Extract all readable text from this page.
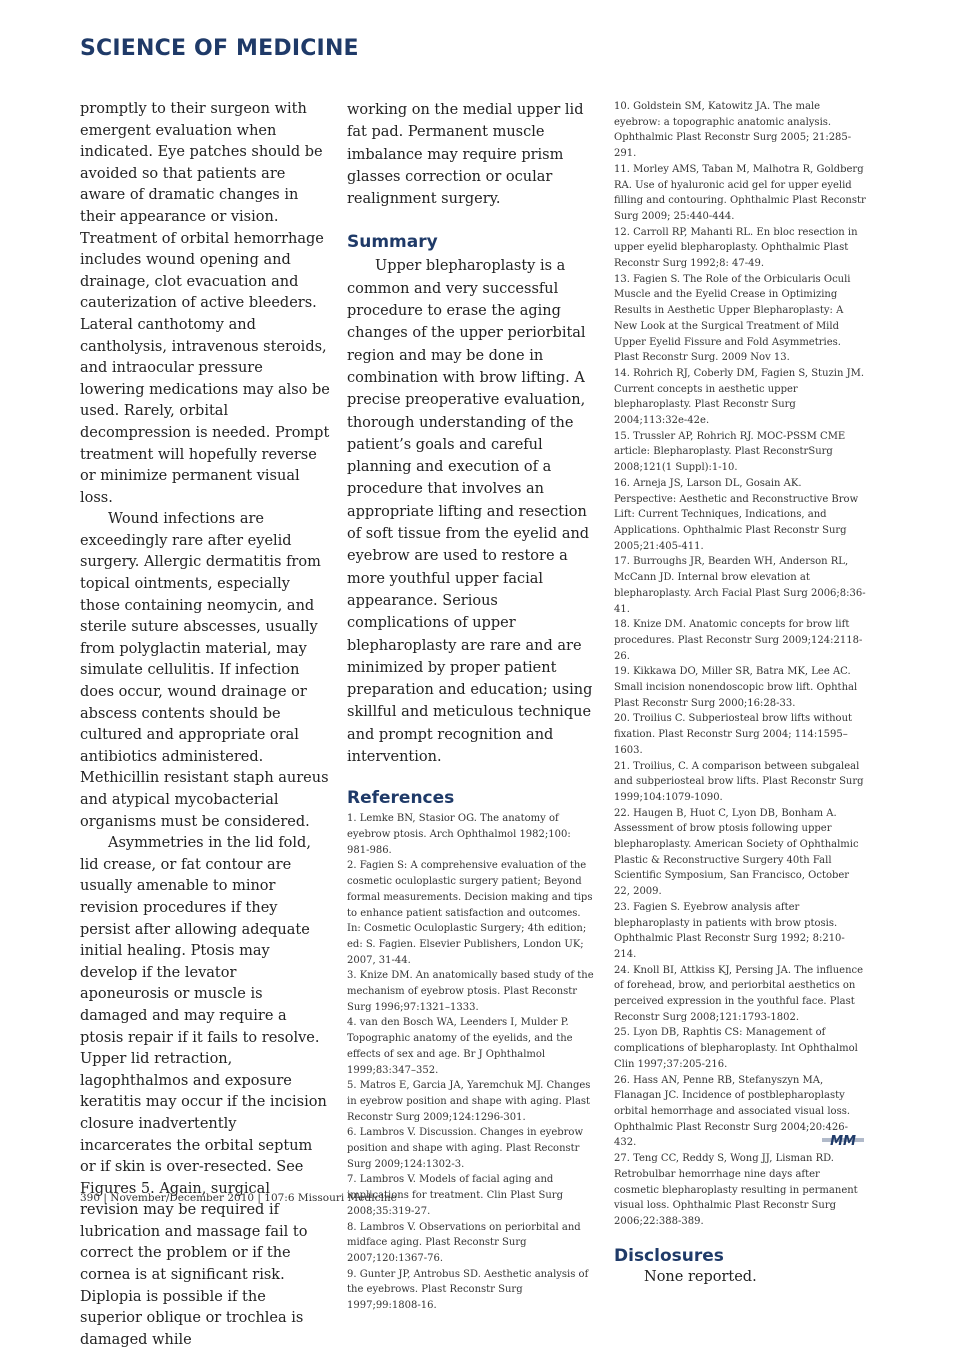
SCIENCE OF MEDICINE

promptly to their surgeon with emergent evaluation when indicated. Eye patches should be avoided so that patients are aware of dramatic changes in their appearance or vision. Treatment of orbital hemorrhage includes wound opening and drainage, clot evacuation and cauterization of active bleeders. Lateral canthotomy and cantholysis, intravenous steroids, and intraocular pressure lowering medications may also be used. Rarely, orbital decompression is needed. Prompt treatment will hopefully reverse or minimize permanent visual loss.

Wound infections are exceedingly rare after eyelid surgery. Allergic dermatitis from topical ointments, especially those containing neomycin, and sterile suture abscesses, usually from polyglactin material, may simulate cellulitis. If infection does occur, wound drainage or abscess contents should be cultured and appropriate oral antibiotics administered. Methicillin resistant staph aureus and atypical mycobacterial organisms must be considered.

Asymmetries in the lid fold, lid crease, or fat contour are usually amenable to minor revision procedures if they persist after allowing adequate initial healing. Ptosis may develop if the levator aponeurosis or muscle is damaged and may require a ptosis repair if it fails to resolve. Upper lid retraction, lagophthalmos and exposure keratitis may occur if the incision closure inadvertently incarcerates the orbital septum or if skin is over-resected. See Figures 5. Again, surgical revision may be required if lubrication and massage fail to correct the problem or if the cornea is at significant risk. Diplopia is possible if the superior oblique or trochlea is damaged while

working on the medial upper lid fat pad. Permanent muscle imbalance may require prism glasses correction or ocular realignment surgery.

Summary

Upper blepharoplasty is a common and very successful procedure to erase the aging changes of the upper periorbital region and may be done in combination with brow lifting. A precise preoperative evaluation, thorough understanding of the patient’s goals and careful planning and execution of a procedure that involves an appropriate lifting and resection of soft tissue from the eyelid and eyebrow are used to restore a more youthful upper facial appearance. Serious complications of upper blepharoplasty are rare and are minimized by proper patient preparation and education; using skillful and meticulous technique and prompt recognition and intervention.

References

1. Lemke BN, Stasior OG. The anatomy of eyebrow ptosis. Arch Ophthalmol 1982;100: 981-986.

2. Fagien S: A comprehensive evaluation of the cosmetic oculoplastic surgery patient; Beyond formal measurements. Decision making and tips to enhance patient satisfaction and outcomes. In: Cosmetic Oculoplastic Surgery; 4th edition; ed: S. Fagien. Elsevier Publishers, London UK; 2007, 31-44.

3. Knize DM. An anatomically based study of the mechanism of eyebrow ptosis. Plast Reconstr Surg 1996;97:1321–1333.

4. van den Bosch WA, Leenders I, Mulder P. Topographic anatomy of the eyelids, and the effects of sex and age. Br J Ophthalmol 1999;83:347–352.

5. Matros E, Garcia JA, Yaremchuk MJ. Changes in eyebrow position and shape with aging. Plast Reconstr Surg 2009;124:1296-301.

6. Lambros V. Discussion. Changes in eyebrow position and shape with aging. Plast Reconstr Surg 2009;124:1302-3.

7. Lambros V. Models of facial aging and implications for treatment. Clin Plast Surg 2008;35:319-27.

8. Lambros V. Observations on periorbital and midface aging. Plast Reconstr Surg 2007;120:1367-76.

9. Gunter JP, Antrobus SD. Aesthetic analysis of the eyebrows. Plast Reconstr Surg 1997;99:1808-16.

10. Goldstein SM, Katowitz JA. The male eyebrow: a topographic anatomic analysis. Ophthalmic Plast Reconstr Surg 2005; 21:285-291.

11. Morley AMS, Taban M, Malhotra R, Goldberg RA. Use of hyaluronic acid gel for upper eyelid filling and contouring. Ophthalmic Plast Reconstr Surg 2009; 25:440-444.

12. Carroll RP, Mahanti RL. En bloc resection in upper eyelid blepharoplasty. Ophthalmic Plast Reconstr Surg 1992;8: 47-49.

13. Fagien S. The Role of the Orbicularis Oculi Muscle and the Eyelid Crease in Optimizing Results in Aesthetic Upper Blepharoplasty: A New Look at the Surgical Treatment of Mild Upper Eyelid Fissure and Fold Asymmetries. Plast Reconstr Surg. 2009 Nov 13.

14. Rohrich RJ, Coberly DM, Fagien S, Stuzin JM. Current concepts in aesthetic upper blepharoplasty. Plast Reconstr Surg 2004;113:32e-42e.

15. Trussler AP, Rohrich RJ. MOC-PSSM CME article: Blepharoplasty. Plast ReconstrSurg 2008;121(1 Suppl):1-10.

16. Arneja JS, Larson DL, Gosain AK. Perspective: Aesthetic and Reconstructive Brow Lift: Current Techniques, Indications, and Applications. Ophthalmic Plast Reconstr Surg 2005;21:405-411.

17. Burroughs JR, Bearden WH, Anderson RL, McCann JD. Internal brow elevation at blepharoplasty. Arch Facial Plast Surg 2006;8:36-41.

18. Knize DM. Anatomic concepts for brow lift procedures. Plast Reconstr Surg 2009;124:2118-26.

19. Kikkawa DO, Miller SR, Batra MK, Lee AC. Small incision nonendoscopic brow lift. Ophthal Plast Reconstr Surg 2000;16:28-33.

20. Troilius C. Subperiosteal brow lifts without fixation. Plast Reconstr Surg 2004; 114:1595–1603.

21. Troilius, C. A comparison between subgaleal and subperiosteal brow lifts. Plast Reconstr Surg 1999;104:1079-1090.

22. Haugen B, Huot C, Lyon DB, Bonham A. Assessment of brow ptosis following upper blepharoplasty. American Society of Ophthalmic Plastic & Reconstructive Surgery 40th Fall Scientific Symposium, San Francisco, October 22, 2009.

23. Fagien S. Eyebrow analysis after blepharoplasty in patients with brow ptosis. Ophthalmic Plast Reconstr Surg 1992; 8:210-214.

24. Knoll BI, Attkiss KJ, Persing JA. The influence of forehead, brow, and periorbital aesthetics on perceived expression in the youthful face. Plast Reconstr Surg 2008;121:1793-1802.

25. Lyon DB, Raphtis CS: Management of complications of blepharoplasty. Int Ophthalmol Clin 1997;37:205-216.

26. Hass AN, Penne RB, Stefanyszyn MA, Flanagan JC. Incidence of postblepharoplasty orbital hemorrhage and associated visual loss. Ophthalmic Plast Reconstr Surg 2004;20:426-432.

27. Teng CC, Reddy S, Wong JJ, Lisman RD. Retrobulbar hemorrhage nine days after cosmetic blepharoplasty resulting in permanent visual loss. Ophthalmic Plast Reconstr Surg 2006;22:388-389.

Disclosures
None reported.
MM
390 | November/December 2010 | 107:6 Missouri Medicine
